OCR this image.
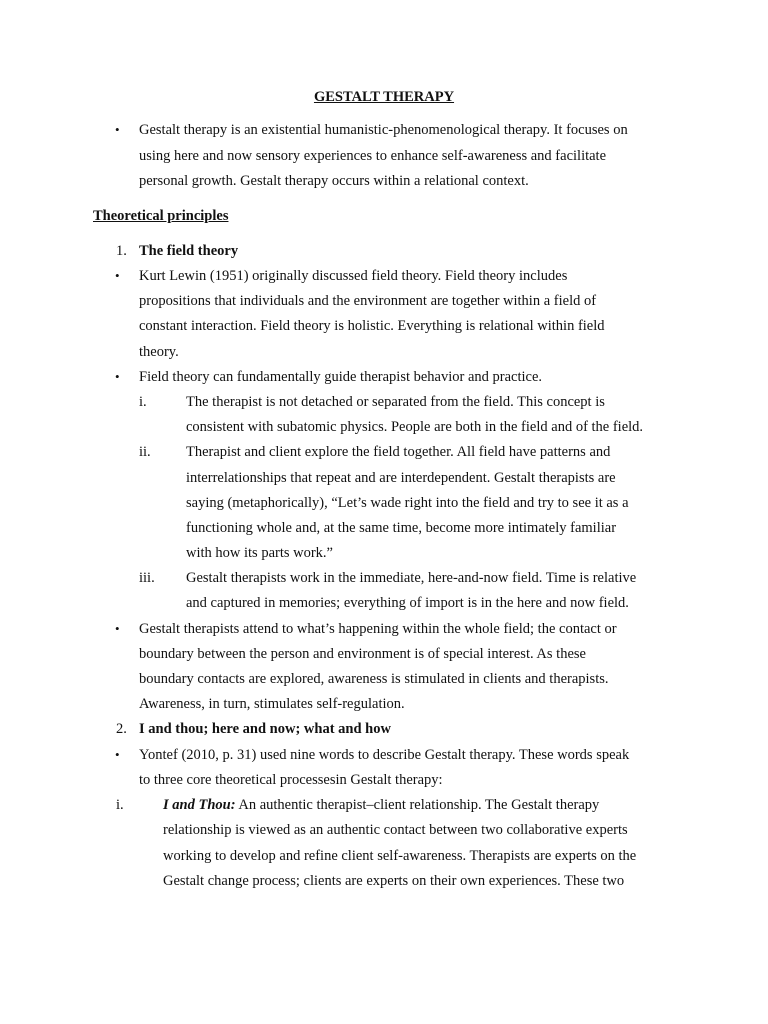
GESTALT THERAPY
• Gestalt therapy is an existential humanistic-phenomenological therapy. It focuses on
using here and now sensory experiences to enhance self-awareness and facilitate
personal growth. Gestalt therapy occurs within a relational context.
Theoretical principles
1. The field theory
• Kurt Lewin (1951) originally discussed field theory. Field theory includes
propositions that individuals and the environment are together within a field of
constant interaction. Field theory is holistic. Everything is relational within field
theory.
• Field theory can fundamentally guide therapist behavior and practice.
i.	The therapist is not detached or separated from the field. This concept is
consistent with subatomic physics. People are both in the field and of the field.
ii. Therapist and client explore the field together. All field have patterns and
interrelationships that repeat and are interdependent. Gestalt therapists are
saying (metaphorically), “Let’s wade right into the field and try to see it as a
functioning whole and, at the same time, become more intimately familiar
with how its parts work.”
iii. Gestalt therapists work in the immediate, here-and-now field. Time is relative
and captured in memories; everything of import is in the here and now field.
• Gestalt therapists attend to what’s happening within the whole field; the contact or
boundary between the person and environment is of special interest. As these
boundary contacts are explored, awareness is stimulated in clients and therapists.
Awareness, in turn, stimulates self-regulation.
2. I and thou; here and now; what and how
• Yontef (2010, p. 31) used nine words to describe Gestalt therapy. These words speak
to three core theoretical processesin Gestalt therapy:
i.	I and Thou: An authentic therapist–client relationship. The Gestalt therapy
relationship is viewed as an authentic contact between two collaborative experts
working to develop and refine client self-awareness. Therapists are experts on the
Gestalt change process; clients are experts on their own experiences. These two
